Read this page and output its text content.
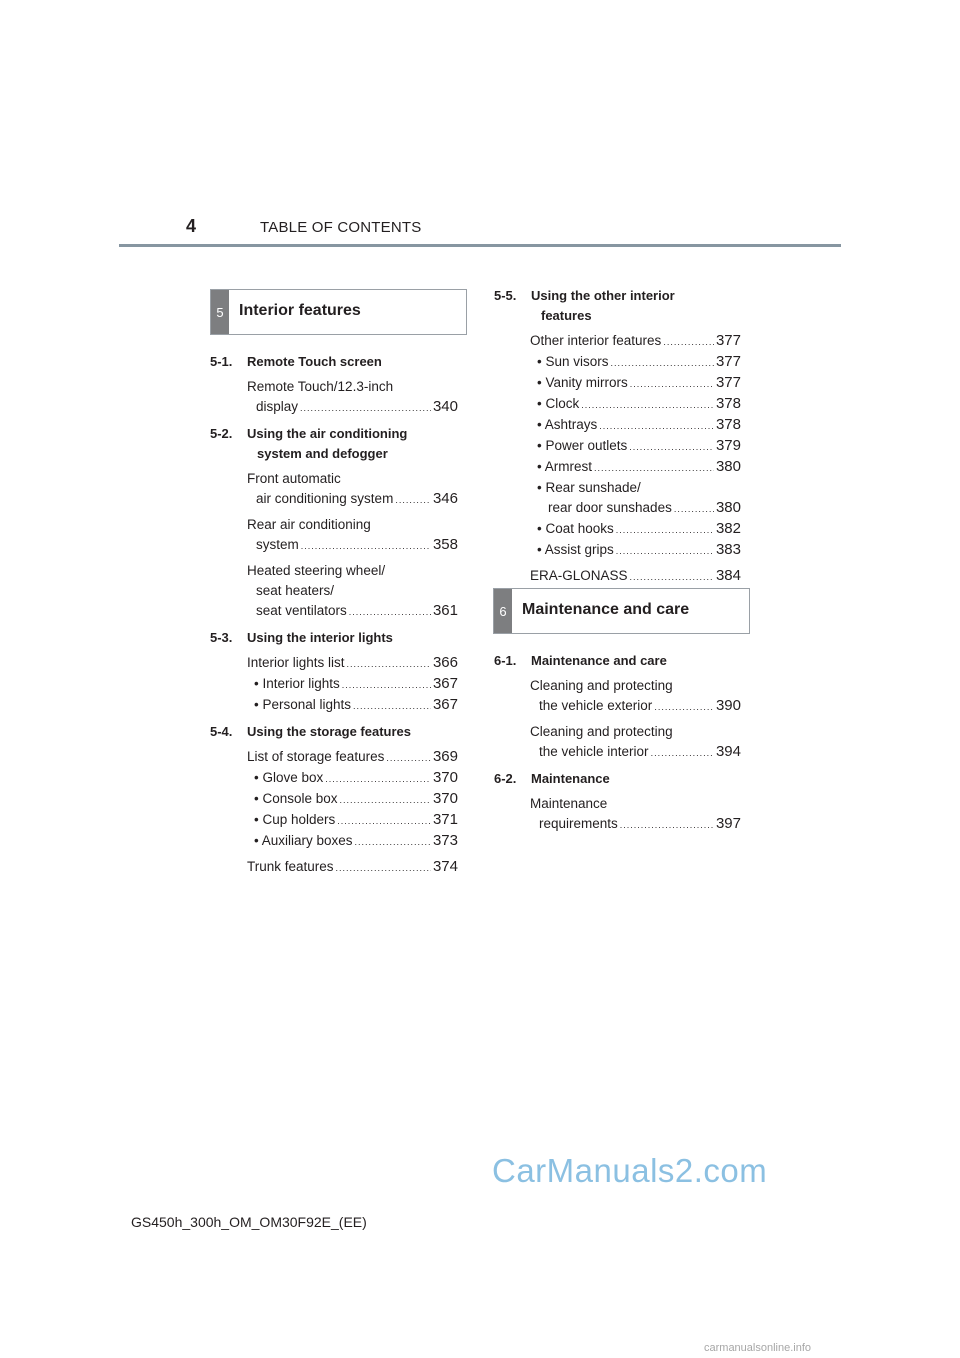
4	TABLE OF CONTENTS
5 Interior features
5-1. Remote Touch screen
Remote Touch/12.3-inch
display .....	340
5-2. Using the air conditioning
system and defogger
Front automatic
air conditioning system .....	346
Rear air conditioning
system .....	358
Heated steering wheel/
seat heaters/
seat ventilators .....	361
5-3. Using the interior lights
Interior lights list .....	366
• Interior lights .....	367
• Personal lights .....	367
5-4. Using the storage features
List of storage features .....	369
• Glove box .....	370
• Console box .....	370
• Cup holders .....	371
• Auxiliary boxes .....	373
Trunk features .....	374
5-5. Using the other interior
features
Other interior features .....	377
• Sun visors .....	377
• Vanity mirrors .....	377
• Clock .....	378
• Ashtrays .....	378
• Power outlets .....	379
• Armrest .....	380
• Rear sunshade/
rear door sunshades .....	380
• Coat hooks .....	382
• Assist grips .....	383
ERA-GLONASS .....	384
6 Maintenance and care
6-1. Maintenance and care
Cleaning and protecting
the vehicle exterior .....	390
Cleaning and protecting
the vehicle interior .....	394
6-2. Maintenance
Maintenance
requirements .....	397
CarManuals2.com
GS450h_300h_OM_OM30F92E_(EE)
carmanualsonline.info
